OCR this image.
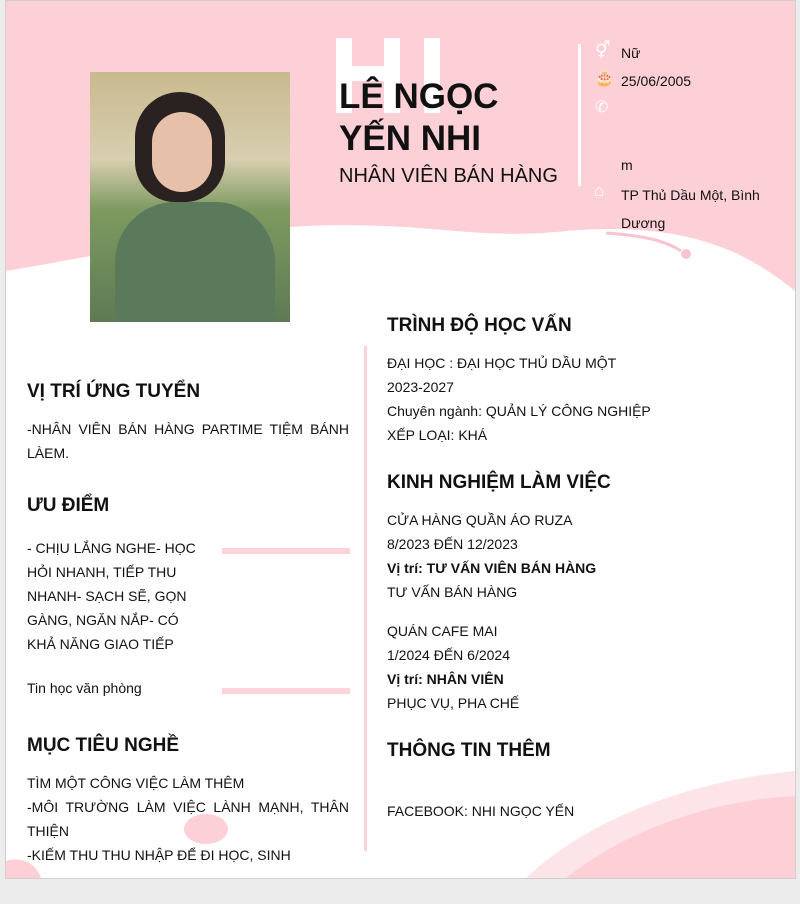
LÊ NGỌC YẾN NHI
NHÂN VIÊN BÁN HÀNG
⚥ Nữ
🎂 25/06/2005
✆
m
⌂ TP Thủ Dầu Một, Bình Dương
VỊ TRÍ ỨNG TUYỂN
-NHÂN VIÊN BÁN HÀNG PARTIME TIỆM BÁNH LÀEM.
ƯU ĐIỂM
- CHỊU LẮNG NGHE- HỌC HỎI NHANH, TIẾP THU NHANH- SẠCH SẼ, GỌN GÀNG, NGĂN NẮP- CÓ KHẢ NĂNG GIAO TIẾP
Tin học văn phòng
MỤC TIÊU NGHỀ
TÌM MỘT CÔNG VIỆC LÀM THÊM
-MÔI TRƯỜNG LÀM VIỆC LÀNH MẠNH, THÂN THIỆN
-KIẾM THU THU NHẬP ĐỂ ĐI HỌC, SINH
TRÌNH ĐỘ HỌC VẤN
ĐẠI HỌC : ĐẠI HỌC THỦ DẦU MỘT
2023-2027
Chuyên ngành: QUẢN LÝ CÔNG NGHIỆP
XẾP LOẠI: KHÁ
KINH NGHIỆM LÀM VIỆC
CỬA HÀNG QUẦN ÁO RUZA
8/2023 ĐẾN 12/2023
Vị trí: TƯ VẤN VIÊN BÁN HÀNG
TƯ VẤN BÁN HÀNG
QUÁN CAFE MAI
1/2024 ĐẾN 6/2024
Vị trí: NHÂN VIÊN
PHỤC VỤ, PHA CHẾ
THÔNG TIN THÊM
FACEBOOK: NHI NGỌC YẾN
